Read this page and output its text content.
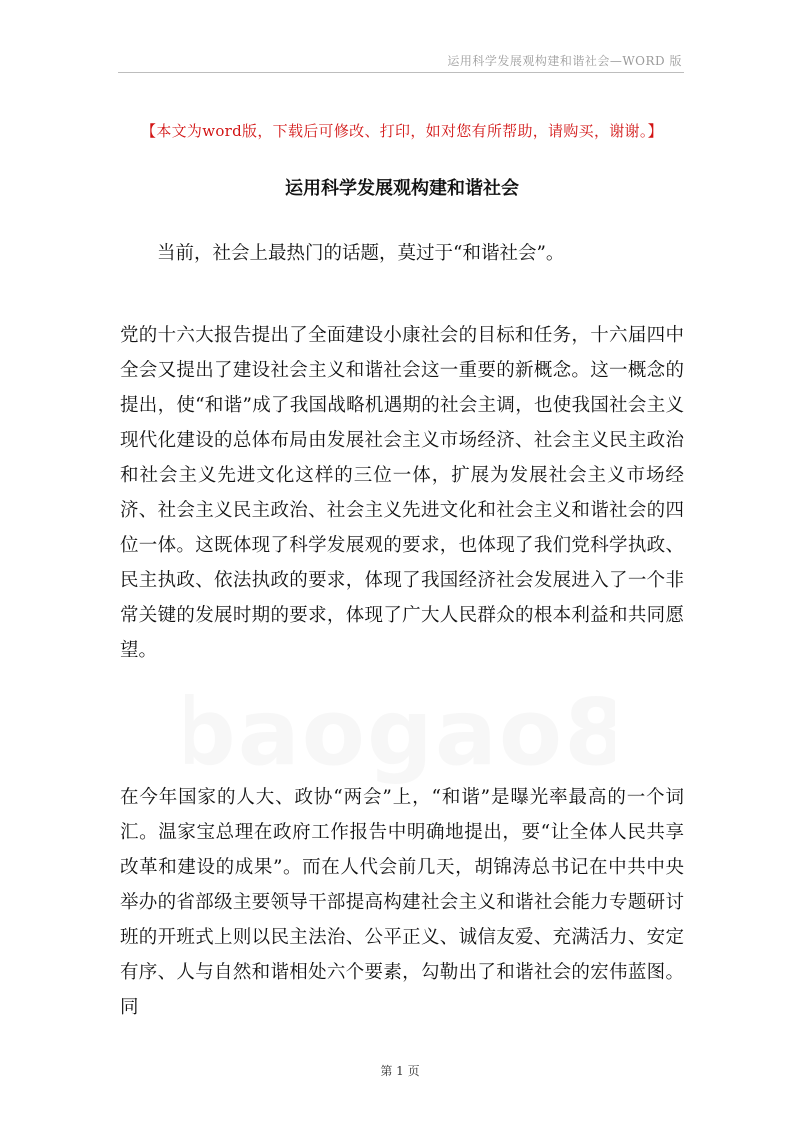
运用科学发展观构建和谐社会—WORD 版
【本文为word版，下载后可修改、打印，如对您有所帮助，请购买，谢谢。】
运用科学发展观构建和谐社会

当前，社会上最热门的话题，莫过于“和谐社会”。

党的十六大报告提出了全面建设小康社会的目标和任务，十六届四中全会又提出了建设社会主义和谐社会这一重要的新概念。这一概念的提出，使“和谐”成了我国战略机遇期的社会主调，也使我国社会主义现代化建设的总体布局由发展社会主义市场经济、社会主义民主政治和社会主义先进文化这样的三位一体，扩展为发展社会主义市场经济、社会主义民主政治、社会主义先进文化和社会主义和谐社会的四位一体。这既体现了科学发展观的要求，也体现了我们党科学执政、民主执政、依法执政的要求，体现了我国经济社会发展进入了一个非常关键的发展时期的要求，体现了广大人民群众的根本利益和共同愿望。

在今年国家的人大、政协“两会”上，“和谐”是曝光率最高的一个词汇。温家宝总理在政府工作报告中明确地提出，要“让全体人民共享改革和建设的成果”。而在人代会前几天，胡锦涛总书记在中共中央举办的省部级主要领导干部提高构建社会主义和谐社会能力专题研讨班的开班式上则以民主法治、公平正义、诚信友爱、充满活力、安定有序、人与自然和谐相处六个要素，勾勒出了和谐社会的宏伟蓝图。同

baogao8
第 1 页
